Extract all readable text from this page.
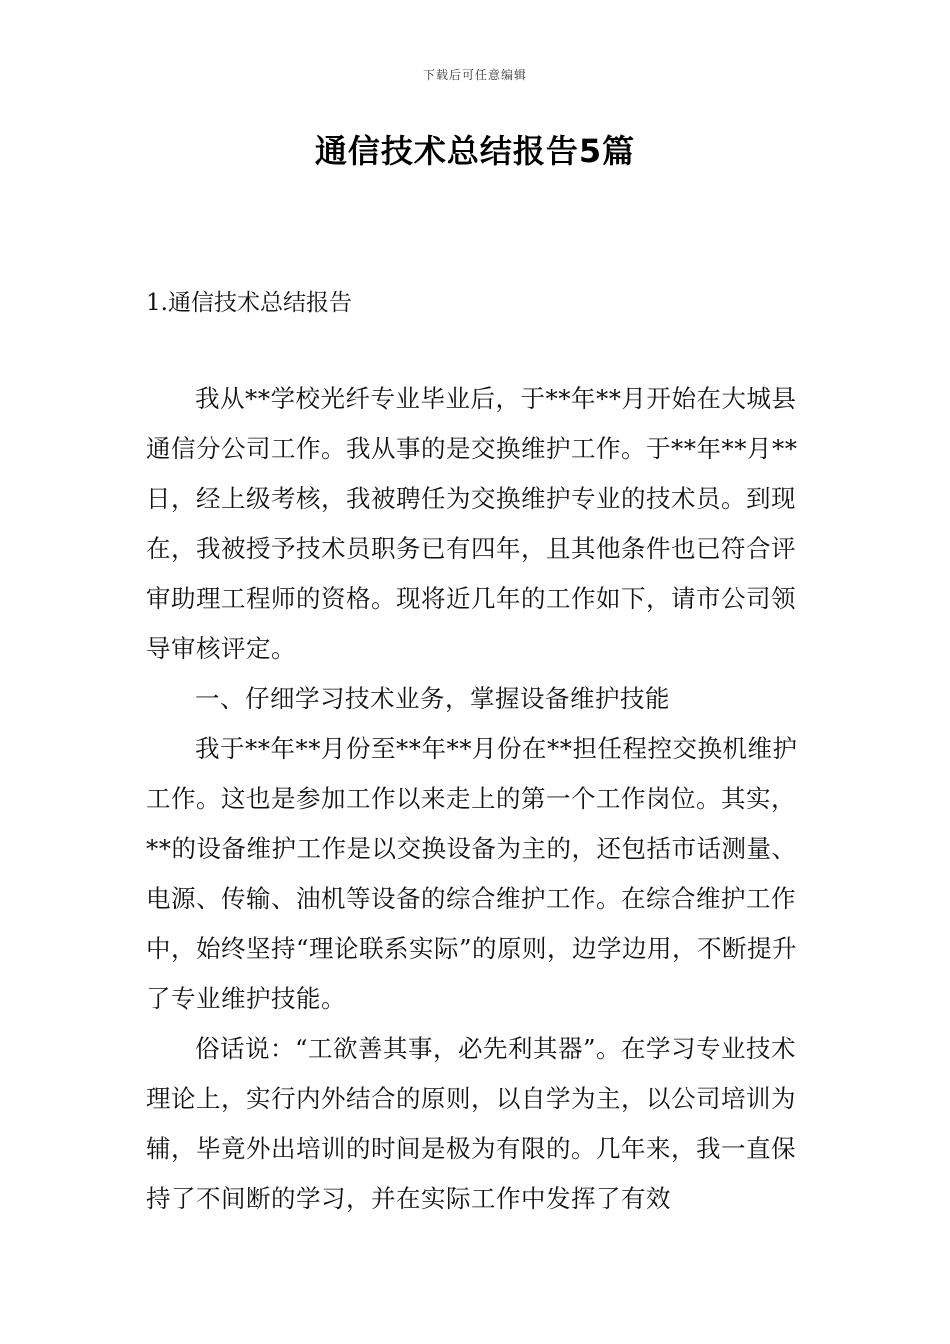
下载后可任意编辑
通信技术总结报告5篇
1.通信技术总结报告

我从**学校光纤专业毕业后，于**年**月开始在大城县通信分公司工作。我从事的是交换维护工作。于**年**月**日，经上级考核，我被聘任为交换维护专业的技术员。到现在，我被授予技术员职务已有四年，且其他条件也已符合评审助理工程师的资格。现将近几年的工作如下，请市公司领导审核评定。

一、仔细学习技术业务，掌握设备维护技能

我于**年**月份至**年**月份在**担任程控交换机维护工作。这也是参加工作以来走上的第一个工作岗位。其实，**的设备维护工作是以交换设备为主的，还包括市话测量、电源、传输、油机等设备的综合维护工作。在综合维护工作中，始终坚持“理论联系实际”的原则，边学边用，不断提升了专业维护技能。

俗话说：“工欲善其事，必先利其器”。在学习专业技术理论上，实行内外结合的原则，以自学为主，以公司培训为辅，毕竟外出培训的时间是极为有限的。几年来，我一直保持了不间断的学习，并在实际工作中发挥了有效
